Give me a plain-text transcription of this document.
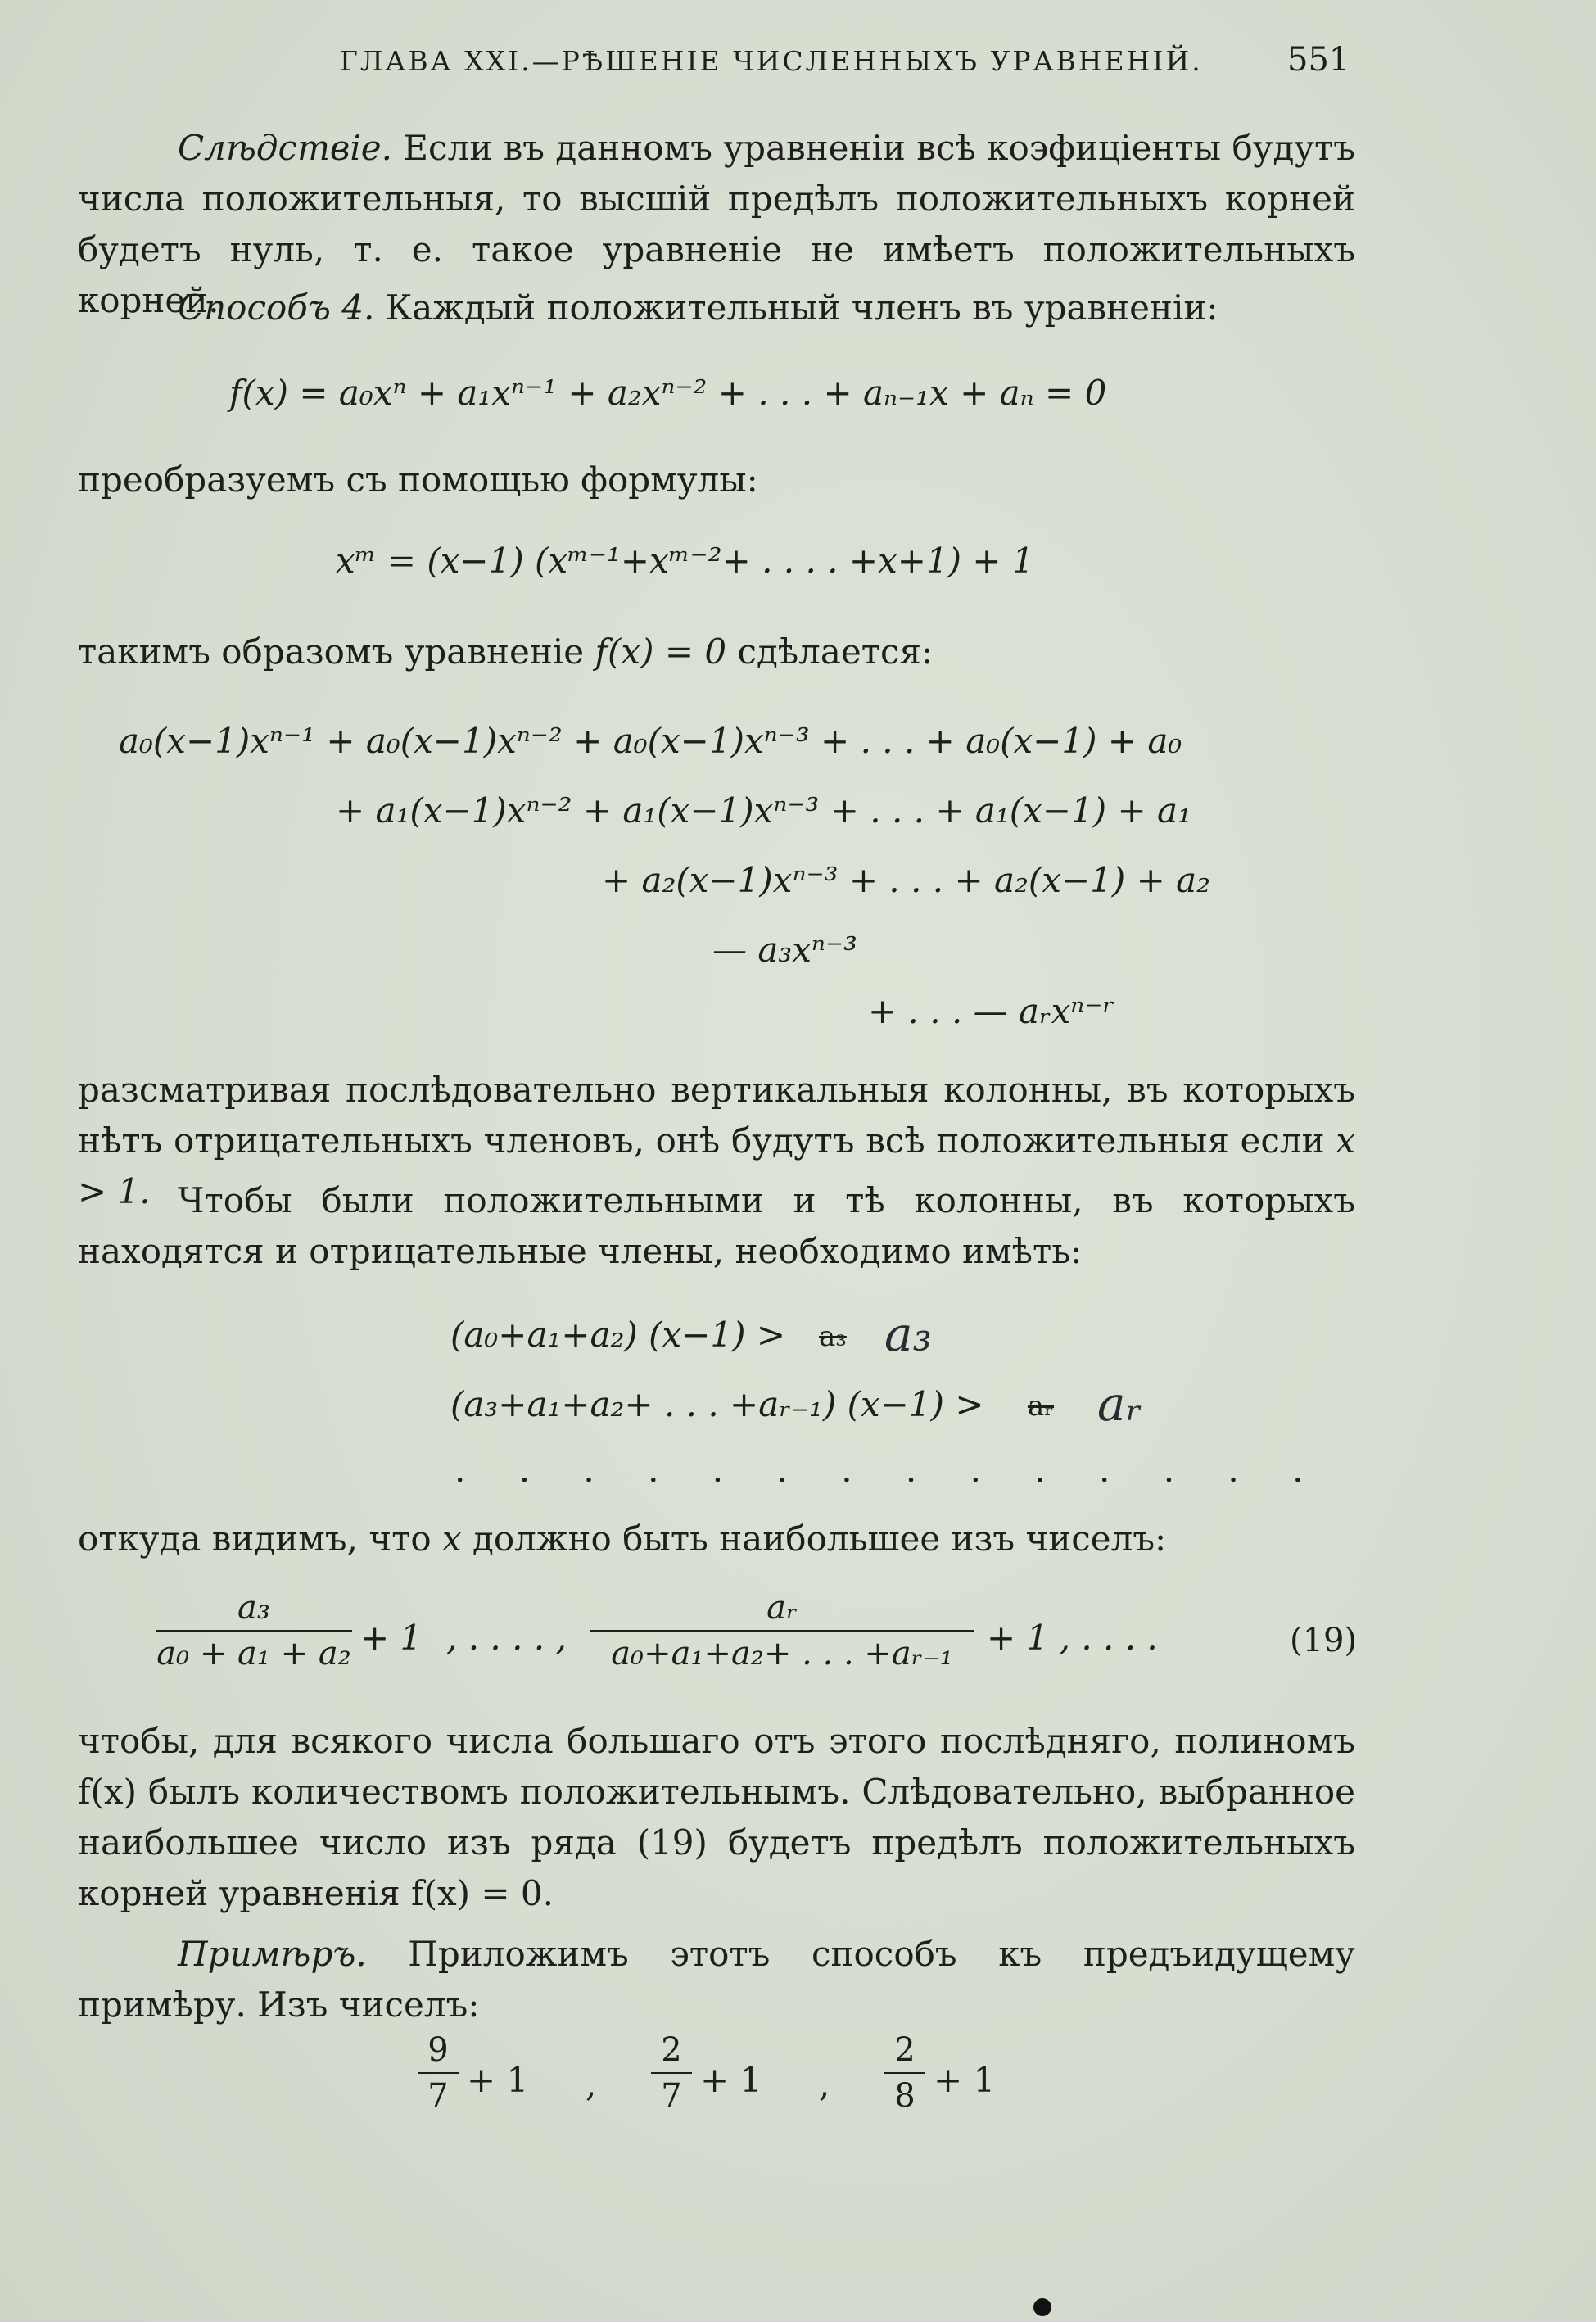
ГЛАВА XXI.—РѢШЕНІЕ ЧИСЛЕННЫХЪ УРАВНЕНІЙ.	551

Слѣдствіе. Если въ данномъ уравненіи всѣ коэфиціенты будутъ числа положительныя, то высшій предѣлъ положительныхъ корней будетъ нуль, т. е. такое уравненіе не имѣетъ положительныхъ корней.

Способъ 4. Каждый положительный членъ въ уравненіи:

f(x) = a₀xⁿ + a₁xⁿ⁻¹ + a₂xⁿ⁻² + . . . + aₙ₋₁x + aₙ = 0

преобразуемъ съ помощью формулы:

xᵐ = (x−1) (xᵐ⁻¹+xᵐ⁻²+ . . . . +x+1) + 1

такимъ образомъ уравненіе f(x) = 0 сдѣлается:

a₀(x−1)xⁿ⁻¹ + a₀(x−1)xⁿ⁻² + a₀(x−1)xⁿ⁻³ + . . . + a₀(x−1) + a₀
+ a₁(x−1)xⁿ⁻² + a₁(x−1)xⁿ⁻³ + . . . + a₁(x−1) + a₁
+ a₂(x−1)xⁿ⁻³ + . . . + a₂(x−1) + a₂
— a₃xⁿ⁻³
+ . . . — aᵣxⁿ⁻ʳ

разсматривая послѣдовательно вертикальныя колонны, въ которыхъ нѣтъ отрицательныхъ членовъ, онѣ будутъ всѣ положительныя если x > 1. Чтобы были положительными и тѣ колонны, въ которыхъ находятся и отрицательные члены, необходимо имѣть:

(a₀+a₁+a₂) (x−1) > a₃ a₃
(a₃+a₁+a₂+ . . . +aᵣ₋₁) (x−1) > aᵣ aᵣ
. . . . . . . . . . . . . .

откуда видимъ, что x должно быть наибольшее изъ чиселъ:

a₃
a₀ + a₁ + a₂ + 1 , . . . . ,
aᵣ
a₀+a₁+a₂+ . . . +aᵣ₋₁ + 1 , . . . .	(19)

чтобы, для всякого числа большаго отъ этого послѣдняго, полиномъ f(x) былъ количествомъ положительнымъ. Слѣдовательно, выбранное наибольшее число изъ ряда (19) будетъ предѣлъ положительныхъ корней уравненія f(x) = 0.

Примѣръ. Приложимъ этотъ способъ къ предъидущему примѣру. Изъ чиселъ:

9
7 + 1 ,
2
7 + 1 ,
2
8 + 1
